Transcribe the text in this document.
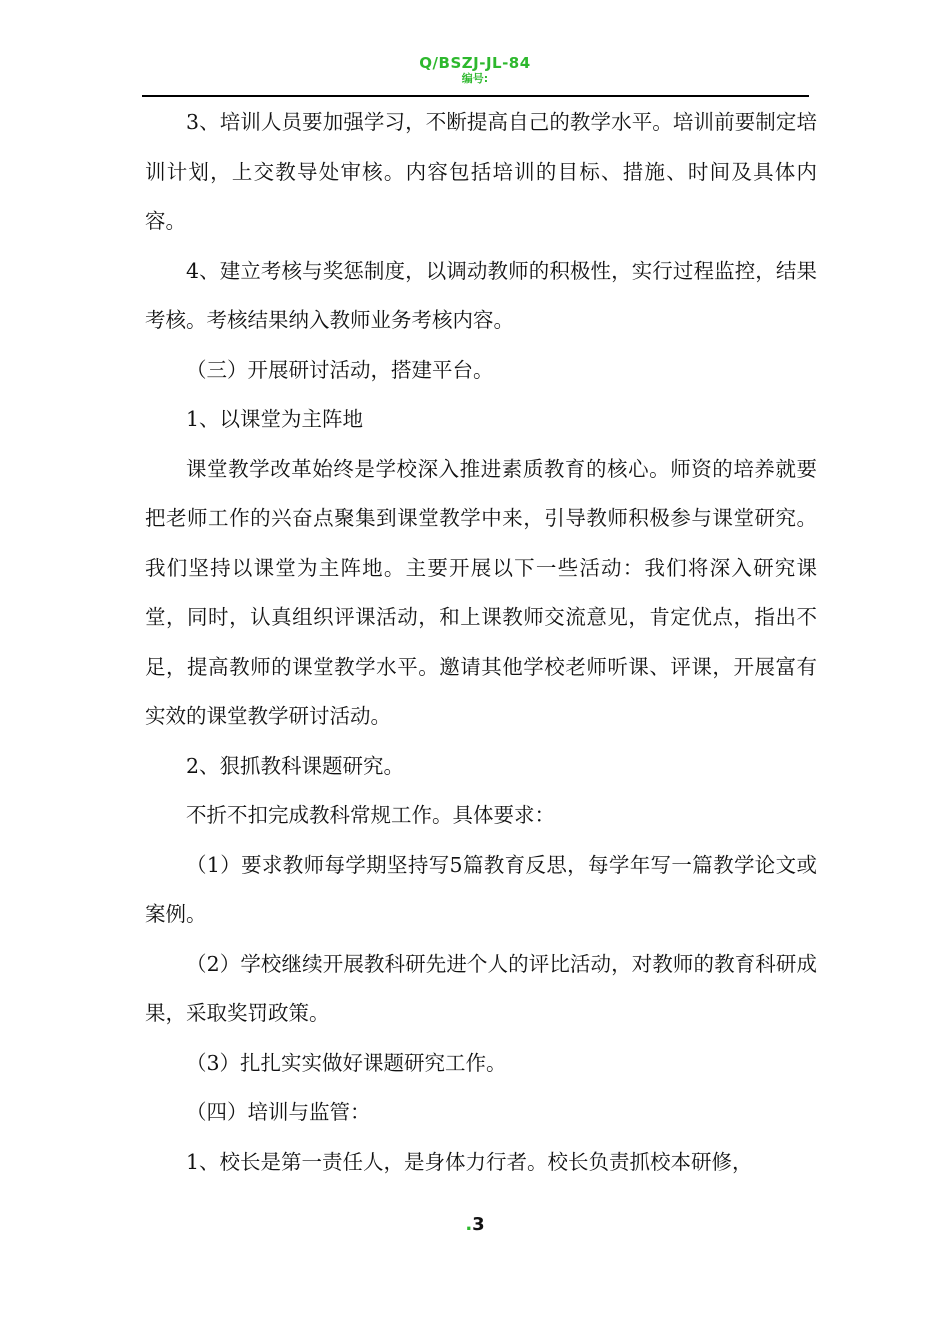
Q/BSZJ-JL-84
编号:

3、培训人员要加强学习，不断提高自己的教学水平。培训前要制定培训计划，上交教导处审核。内容包括培训的目标、措施、时间及具体内容。

4、建立考核与奖惩制度，以调动教师的积极性，实行过程监控，结果考核。考核结果纳入教师业务考核内容。

（三）开展研讨活动，搭建平台。

1、以课堂为主阵地

课堂教学改革始终是学校深入推进素质教育的核心。师资的培养就要把老师工作的兴奋点聚集到课堂教学中来，引导教师积极参与课堂研究。我们坚持以课堂为主阵地。主要开展以下一些活动：我们将深入研究课堂，同时，认真组织评课活动，和上课教师交流意见，肯定优点，指出不足，提高教师的课堂教学水平。邀请其他学校老师听课、评课，开展富有实效的课堂教学研讨活动。

2、狠抓教科课题研究。

不折不扣完成教科常规工作。具体要求：

（1）要求教师每学期坚持写5篇教育反思，每学年写一篇教学论文或案例。

（2）学校继续开展教科研先进个人的评比活动，对教师的教育科研成果，采取奖罚政策。

（3）扎扎实实做好课题研究工作。

（四）培训与监管：

1、校长是第一责任人，是身体力行者。校长负责抓校本研修，

.3
